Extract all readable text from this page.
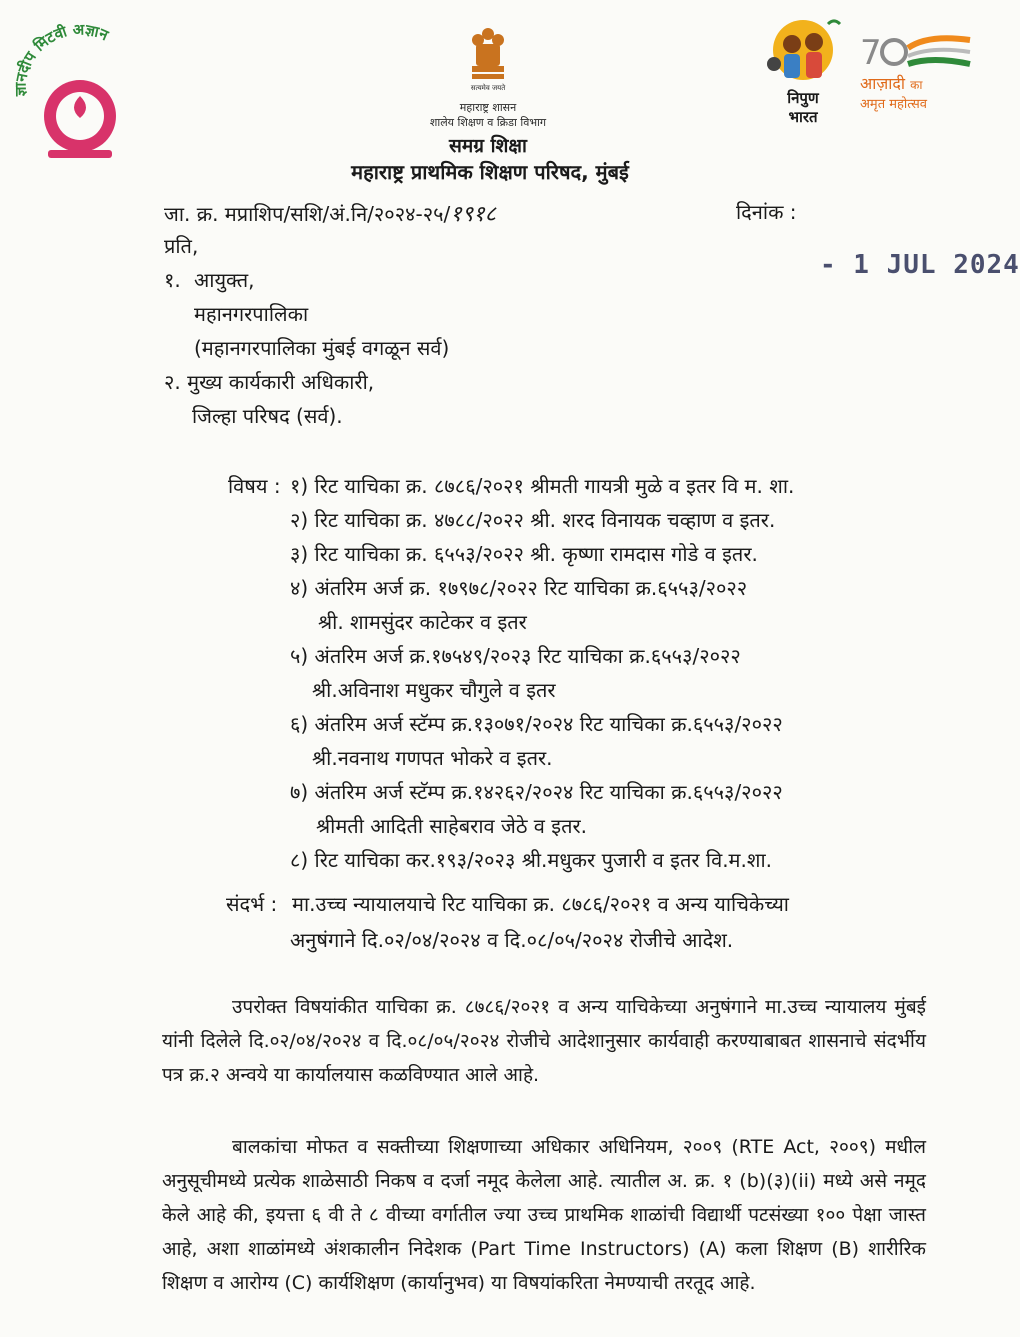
ज्ञानदीप मिटवी अज्ञान
सत्यमेव जयते
महाराष्ट्र शासन
शालेय शिक्षण व क्रिडा विभाग
समग्र शिक्षा
महाराष्ट्र प्राथमिक शिक्षण परिषद, मुंबई
निपुण
भारत
7
आज़ादी का
अमृत महोत्सव
जा. क्र. मप्राशिप/सशि/अं.नि/२०२४-२५/१९१८	दिनांक :
- 1 JUL 2024
प्रति,
१. आयुक्त,
महानगरपालिका
(महानगरपालिका मुंबई वगळून सर्व)
२. मुख्य कार्यकारी अधिकारी,
जिल्हा परिषद (सर्व).
विषय : १) रिट याचिका क्र. ८७८६/२०२१ श्रीमती गायत्री मुळे व इतर वि म. शा.
२) रिट याचिका क्र. ४७८८/२०२२ श्री. शरद विनायक चव्हाण व इतर.
३) रिट याचिका क्र. ६५५३/२०२२ श्री. कृष्णा रामदास गोडे व इतर.
४) अंतरिम अर्ज क्र. १७९७८/२०२२ रिट याचिका क्र.६५५३/२०२२
श्री. शामसुंदर काटेकर व इतर
५) अंतरिम अर्ज क्र.१७५४९/२०२३ रिट याचिका क्र.६५५३/२०२२
श्री.अविनाश मधुकर चौगुले व इतर
६) अंतरिम अर्ज स्टॅम्प क्र.१३०७१/२०२४ रिट याचिका क्र.६५५३/२०२२
श्री.नवनाथ गणपत भोकरे व इतर.
७) अंतरिम अर्ज स्टॅम्प क्र.१४२६२/२०२४ रिट याचिका क्र.६५५३/२०२२
श्रीमती आदिती साहेबराव जेठे व इतर.
८) रिट याचिका कर.१९३/२०२३ श्री.मधुकर पुजारी व इतर वि.म.शा.
संदर्भ : मा.उच्च न्यायालयाचे रिट याचिका क्र. ८७८६/२०२१ व अन्य याचिकेच्या
अनुषंगाने दि.०२/०४/२०२४ व दि.०८/०५/२०२४ रोजीचे आदेश.
उपरोक्त विषयांकीत याचिका क्र. ८७८६/२०२१ व अन्य याचिकेच्या अनुषंगाने मा.उच्च न्यायालय मुंबई यांनी दिलेले दि.०२/०४/२०२४ व दि.०८/०५/२०२४ रोजीचे आदेशानुसार कार्यवाही करण्याबाबत शासनाचे संदर्भीय पत्र क्र.२ अन्वये या कार्यालयास कळविण्यात आले आहे.
बालकांचा मोफत व सक्तीच्या शिक्षणाच्या अधिकार अधिनियम, २००९ (RTE Act, २००९) मधील अनुसूचीमध्ये प्रत्येक शाळेसाठी निकष व दर्जा नमूद केलेला आहे. त्यातील अ. क्र. १ (b)(३)(ii) मध्ये असे नमूद केले आहे की, इयत्ता ६ वी ते ८ वीच्या वर्गातील ज्या उच्च प्राथमिक शाळांची विद्यार्थी पटसंख्या १०० पेक्षा जास्त आहे, अशा शाळांमध्ये अंशकालीन निदेशक (Part Time Instructors) (A) कला शिक्षण (B) शारीरिक शिक्षण व आरोग्य (C) कार्यशिक्षण (कार्यानुभव) या विषयांकरिता नेमण्याची तरतूद आहे.
